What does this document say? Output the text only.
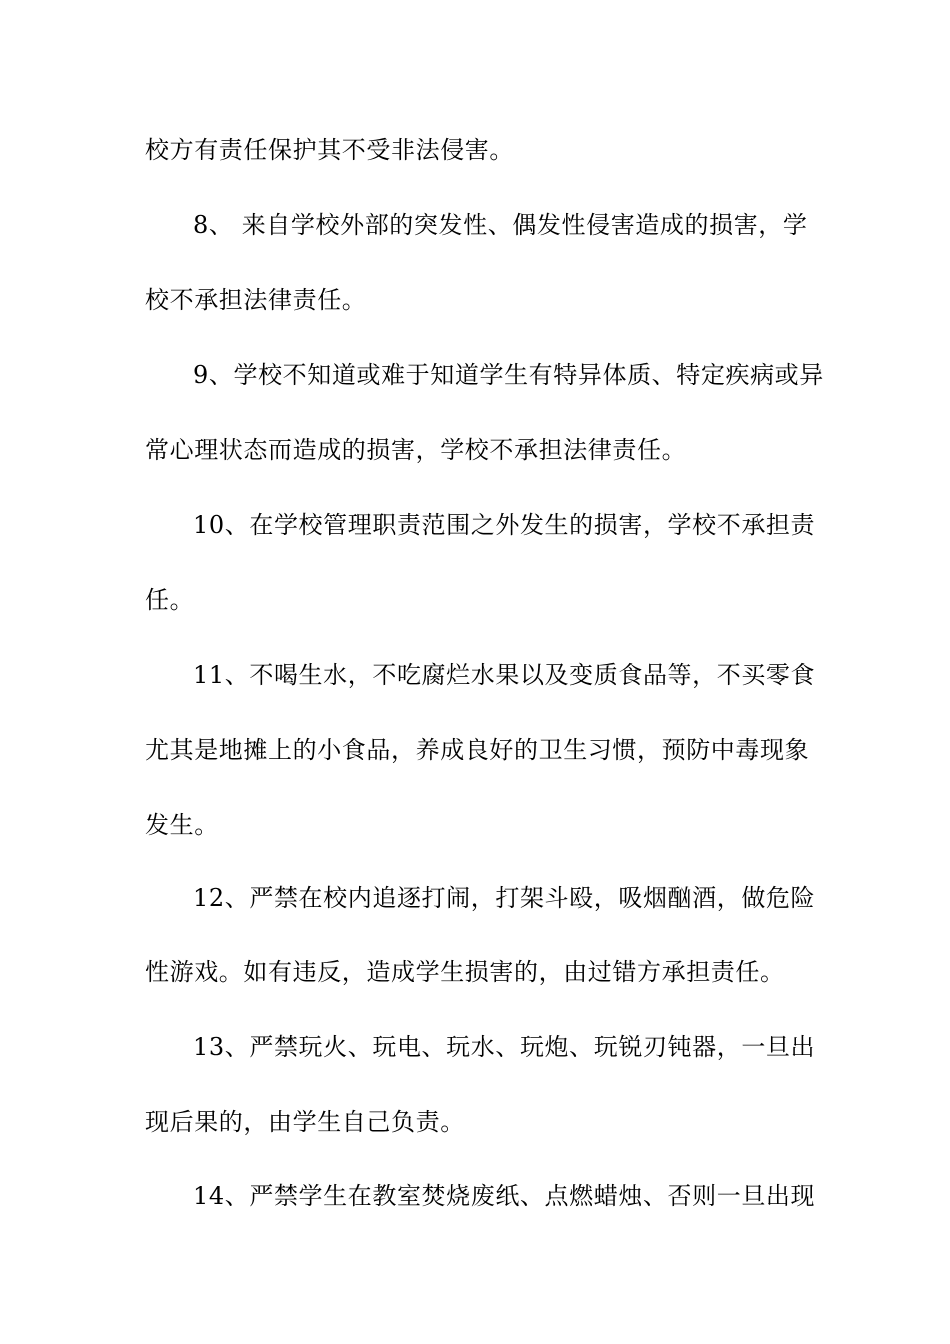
校方有责任保护其不受非法侵害。
8、 来自学校外部的突发性、偶发性侵害造成的损害，学
校不承担法律责任。
9、学校不知道或难于知道学生有特异体质、特定疾病或异
常心理状态而造成的损害，学校不承担法律责任。
10、在学校管理职责范围之外发生的损害，学校不承担责
任。
11、不喝生水，不吃腐烂水果以及变质食品等，不买零食
尤其是地摊上的小食品，养成良好的卫生习惯，预防中毒现象
发生。
12、严禁在校内追逐打闹，打架斗殴，吸烟酗酒，做危险
性游戏。如有违反，造成学生损害的，由过错方承担责任。
13、严禁玩火、玩电、玩水、玩炮、玩锐刃钝器，一旦出
现后果的，由学生自己负责。
14、严禁学生在教室焚烧废纸、点燃蜡烛、否则一旦出现
